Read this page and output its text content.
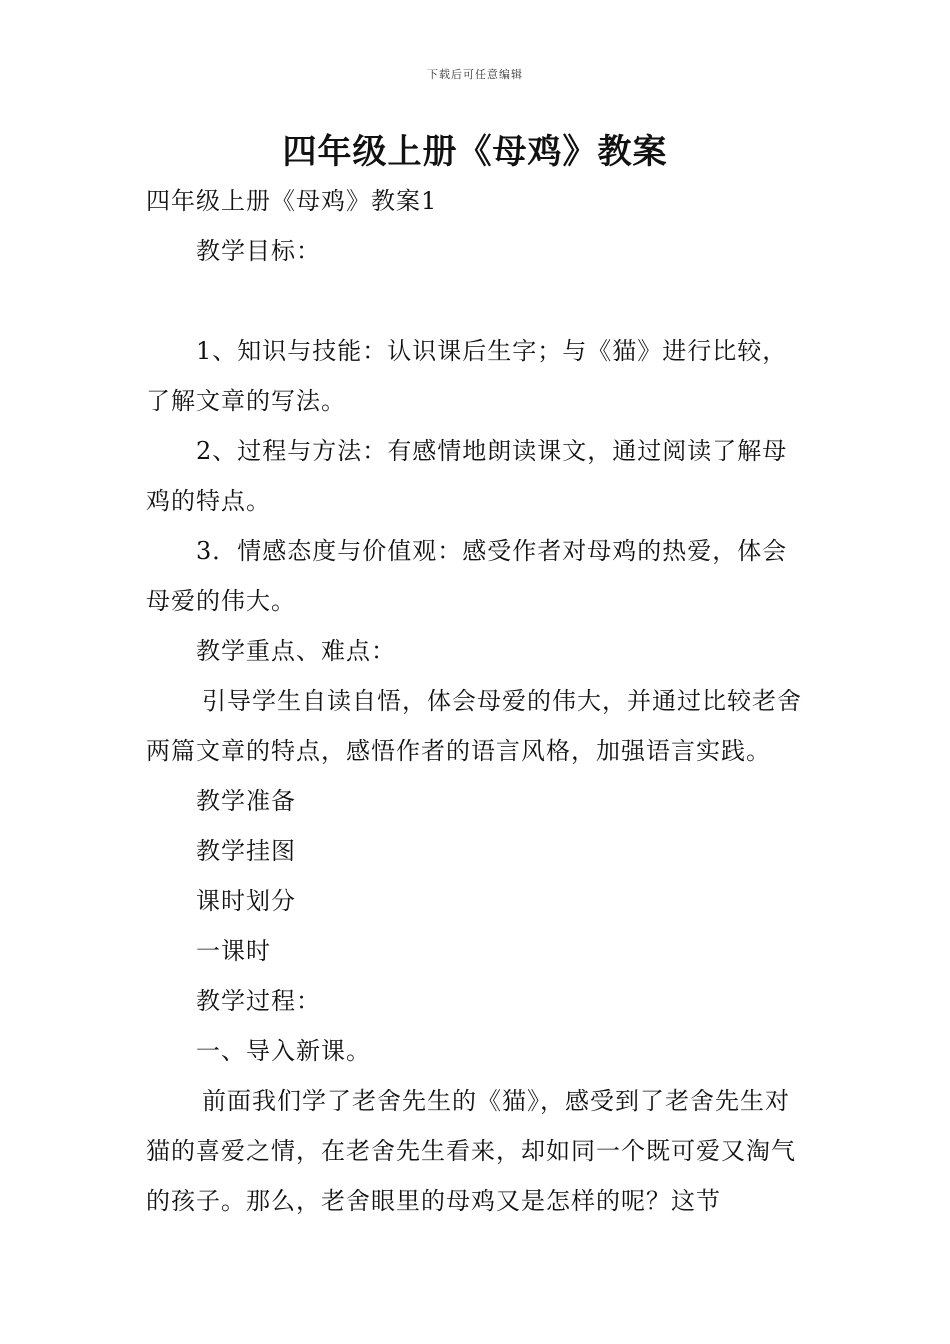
下载后可任意编辑
四年级上册《母鸡》教案

四年级上册《母鸡》教案1

教学目标：

1、知识与技能：认识课后生字；与《猫》进行比较，了解文章的写法。

2、过程与方法：有感情地朗读课文，通过阅读了解母鸡的特点。

3．情感态度与价值观：感受作者对母鸡的热爱，体会母爱的伟大。

教学重点、难点：

引导学生自读自悟，体会母爱的伟大，并通过比较老舍两篇文章的特点，感悟作者的语言风格，加强语言实践。

教学准备

教学挂图

课时划分

一课时

教学过程：

一、导入新课。

前面我们学了老舍先生的《猫》，感受到了老舍先生对猫的喜爱之情，在老舍先生看来，却如同一个既可爱又淘气的孩子。那么，老舍眼里的母鸡又是怎样的呢？这节
